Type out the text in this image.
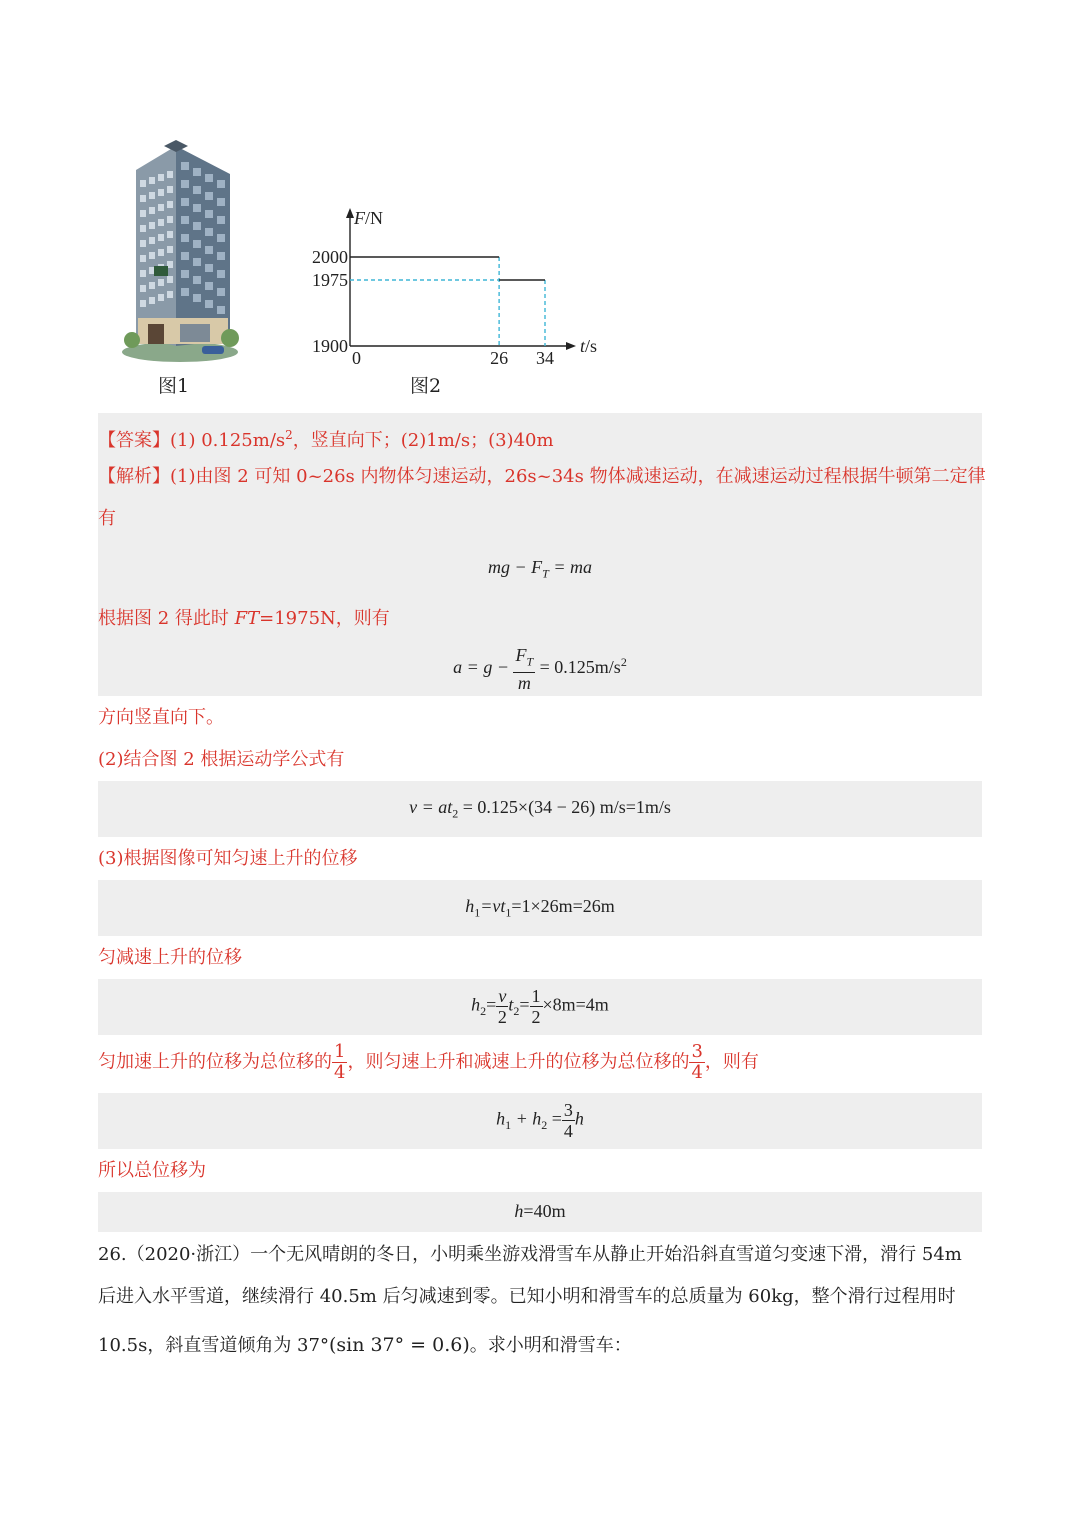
图1
F/N
t/s
2000
1975
1900
0	26 34
图2
【答案】(1) $0.125m/s^2$，竖直向下；(2)1m/s；(3)40m
【解析】(1)由图 2 可知 0~26s 内物体匀速运动，26s~34s 物体减速运动，在减速运动过程根据牛顿第二定律
有
mg − $F_T$ = ma
根据图 2 得此时 FT=1975N，则有
$a = g - \frac{F_T}{m} = 0.125m/s^2$
方向竖直向下。
(2)结合图 2 根据运动学公式有
$v = at_2 = 0.125\times(34 - 26)$ m/s=1m/s
(3)根据图像可知匀速上升的位移
$h_1=vt_1=1\times 26m=26m$
匀减速上升的位移
$h_2= \frac{v}{2} t_2= \frac{1}{2} \times 8m=4m$
匀加速上升的位移为总位移的 $\frac{1}{4}$ ，则匀速上升和减速上升的位移为总位移的 $\frac{3}{4}$ ，则有
$h_1 + h_2 = \frac{3}{4}$ h
所以总位移为
h=40m
26.（2020·浙江）一个无风晴朗的冬日，小明乘坐游戏滑雪车从静止开始沿斜直雪道匀变速下滑，滑行 54m
后进入水平雪道，继续滑行 40.5m 后匀减速到零。已知小明和滑雪车的总质量为 60kg，整个滑行过程用时
10.5s，斜直雪道倾角为 37°(sin 37° = 0.6)。求小明和滑雪车：
